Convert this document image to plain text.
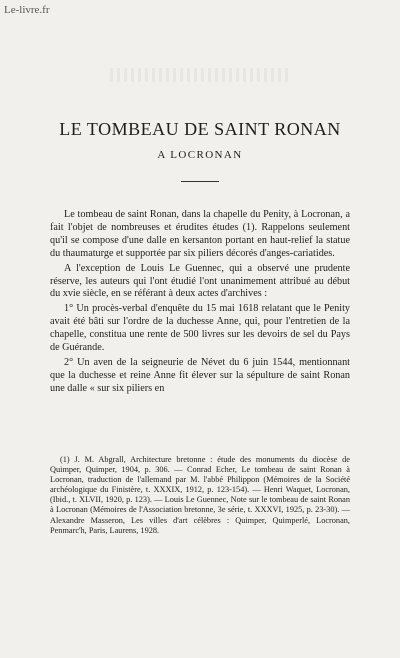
Le-livre.fr
LE TOMBEAU DE SAINT RONAN
A LOCRONAN

Le tombeau de saint Ronan, dans la chapelle du Penity, à Locronan, a fait l'objet de nombreuses et érudites études (1). Rappelons seulement qu'il se compose d'une dalle en kersanton portant en haut-relief la statue du thaumaturge et supportée par six piliers décorés d'anges-cariatides.

A l'exception de Louis Le Guennec, qui a observé une prudente réserve, les auteurs qui l'ont étudié l'ont unanimement attribué au début du xvie siècle, en se référant à deux actes d'archives :

1° Un procès-verbal d'enquête du 15 mai 1618 relatant que le Penity avait été bâti sur l'ordre de la duchesse Anne, qui, pour l'entretien de la chapelle, constitua une rente de 500 livres sur les devoirs de sel du Pays de Guérande.

2° Un aven de la seigneurie de Névet du 6 juin 1544, mentionnant que la duchesse et reine Anne fit élever sur la sépulture de saint Ronan une dalle « sur six piliers en

(1) J. M. Abgrall, Architecture bretonne : étude des monuments du diocèse de Quimper, Quimper, 1904, p. 306. — Conrad Echer, Le tombeau de saint Ronan à Locronan, traduction de l'allemand par M. l'abbé Philippon (Mémoires de la Société archéologique du Finistère, t. XXXIX, 1912, p. 123-154). — Henri Waquet, Locronan, (Ibid., t. XLVII, 1920, p. 123). — Louis Le Guennec, Note sur le tombeau de saint Ronan à Locronan (Mémoires de l'Association bretonne, 3e série, t. XXXVI, 1925, p. 23-30). — Alexandre Masseron, Les villes d'art célèbres : Quimper, Quimperlé, Locronan, Penmarc'h, Paris, Laurens, 1928.
